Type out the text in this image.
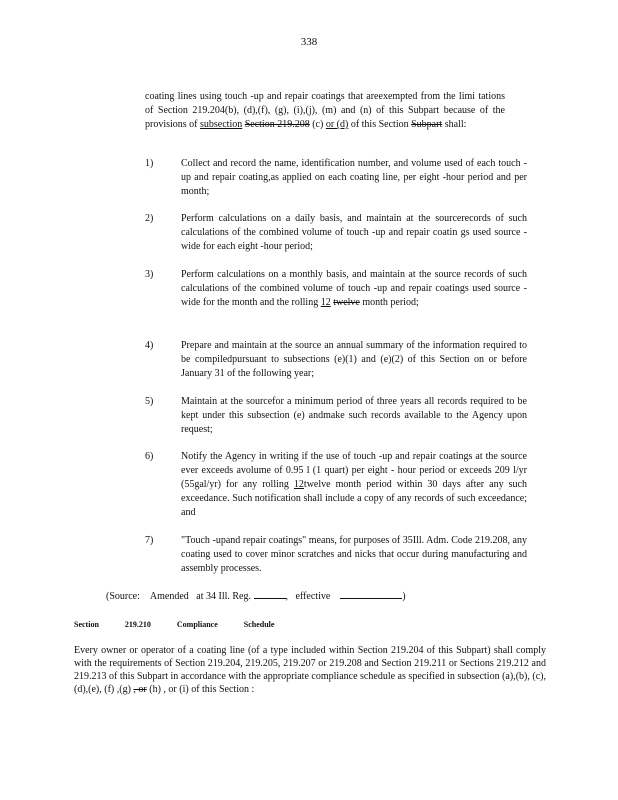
338

coating lines using touch -up and repair coatings that areexempted from the limi tations of Section 219.204(b), (d),(f), (g), (i),(j), (m) and (n) of this Subpart because of the provisions of subsection Section 219.208 (c) or (d) of this Section Subpart shall:

1)	Collect and record the name, identification number, and volume used of each touch -up and repair coating,as applied on each coating line, per eight -hour period and per month;
2)	Perform calculations on a daily basis, and maintain at the sourcerecords of such calculations of the combined volume of touch -up and repair coatin gs used source -wide for each eight -hour period;
3)	Perform calculations on a monthly basis, and maintain at the source records of such calculations of the combined volume of touch -up and repair coatings used source -wide for the month and the rolling 12 twelve month period;
4)	Prepare and maintain at the source an annual summary of the information required to be compiledpursuant to subsections (e)(1) and (e)(2) of this Section on or before January 31 of the following year;
5)	Maintain at the sourcefor a minimum period of three years all records required to be kept under this subsection (e) andmake such records available to the Agency upon request;
6)	Notify the Agency in writing if the use of touch -up and repair coatings at the source ever exceeds avolume of 0.95 l (1 quart) per eight - hour period or exceeds 209 l/yr (55gal/yr) for any rolling 12twelve month period within 30 days after any such exceedance. Such notification shall include a copy of any records of such exceedance; and
7)	"Touch -upand repair coatings" means, for purposes of 35Ill. Adm. Code 219.208, any coating used to cover minor scratches and nicks that occur during manufacturing and assembly processes.
(Source: Amended at 34 Ill. Reg.	, effective	)
Section	219.210	Compliance	Schedule

Every owner or operator of a coating line (of a type included within Section 219.204 of this Subpart) shall comply with the requirements of Section 219.204, 219.205, 219.207 or 219.208 and Section 219.211 or Sections 219.212 and 219.213 of this Subpart in accordance with the appropriate compliance schedule as specified in subsection (a),(b), (c), (d),(e), (f) ,(g) , or (h) , or (i) of this Section :
